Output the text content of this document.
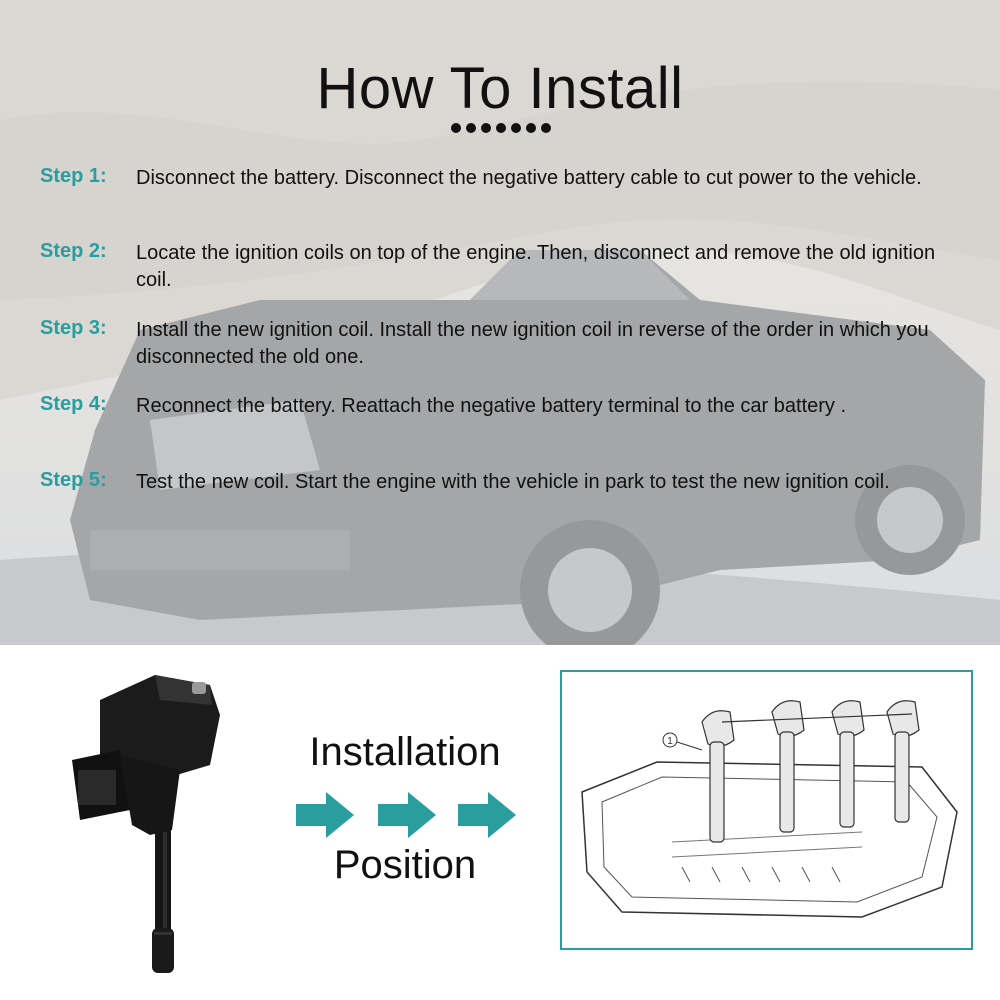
How To Install
Step 1: Disconnect the battery. Disconnect the negative battery cable to cut power to the vehicle.
Step 2: Locate the ignition coils on top of the engine. Then, disconnect and remove the old ignition coil.
Step 3: Install the new ignition coil. Install the new ignition coil in reverse of the order in which you disconnected the old one.
Step 4: Reconnect the battery. Reattach the negative battery terminal to the car battery .
Step 5: Test the new coil. Start the engine with the vehicle in park to test the new ignition coil.
Installation
Position
1
